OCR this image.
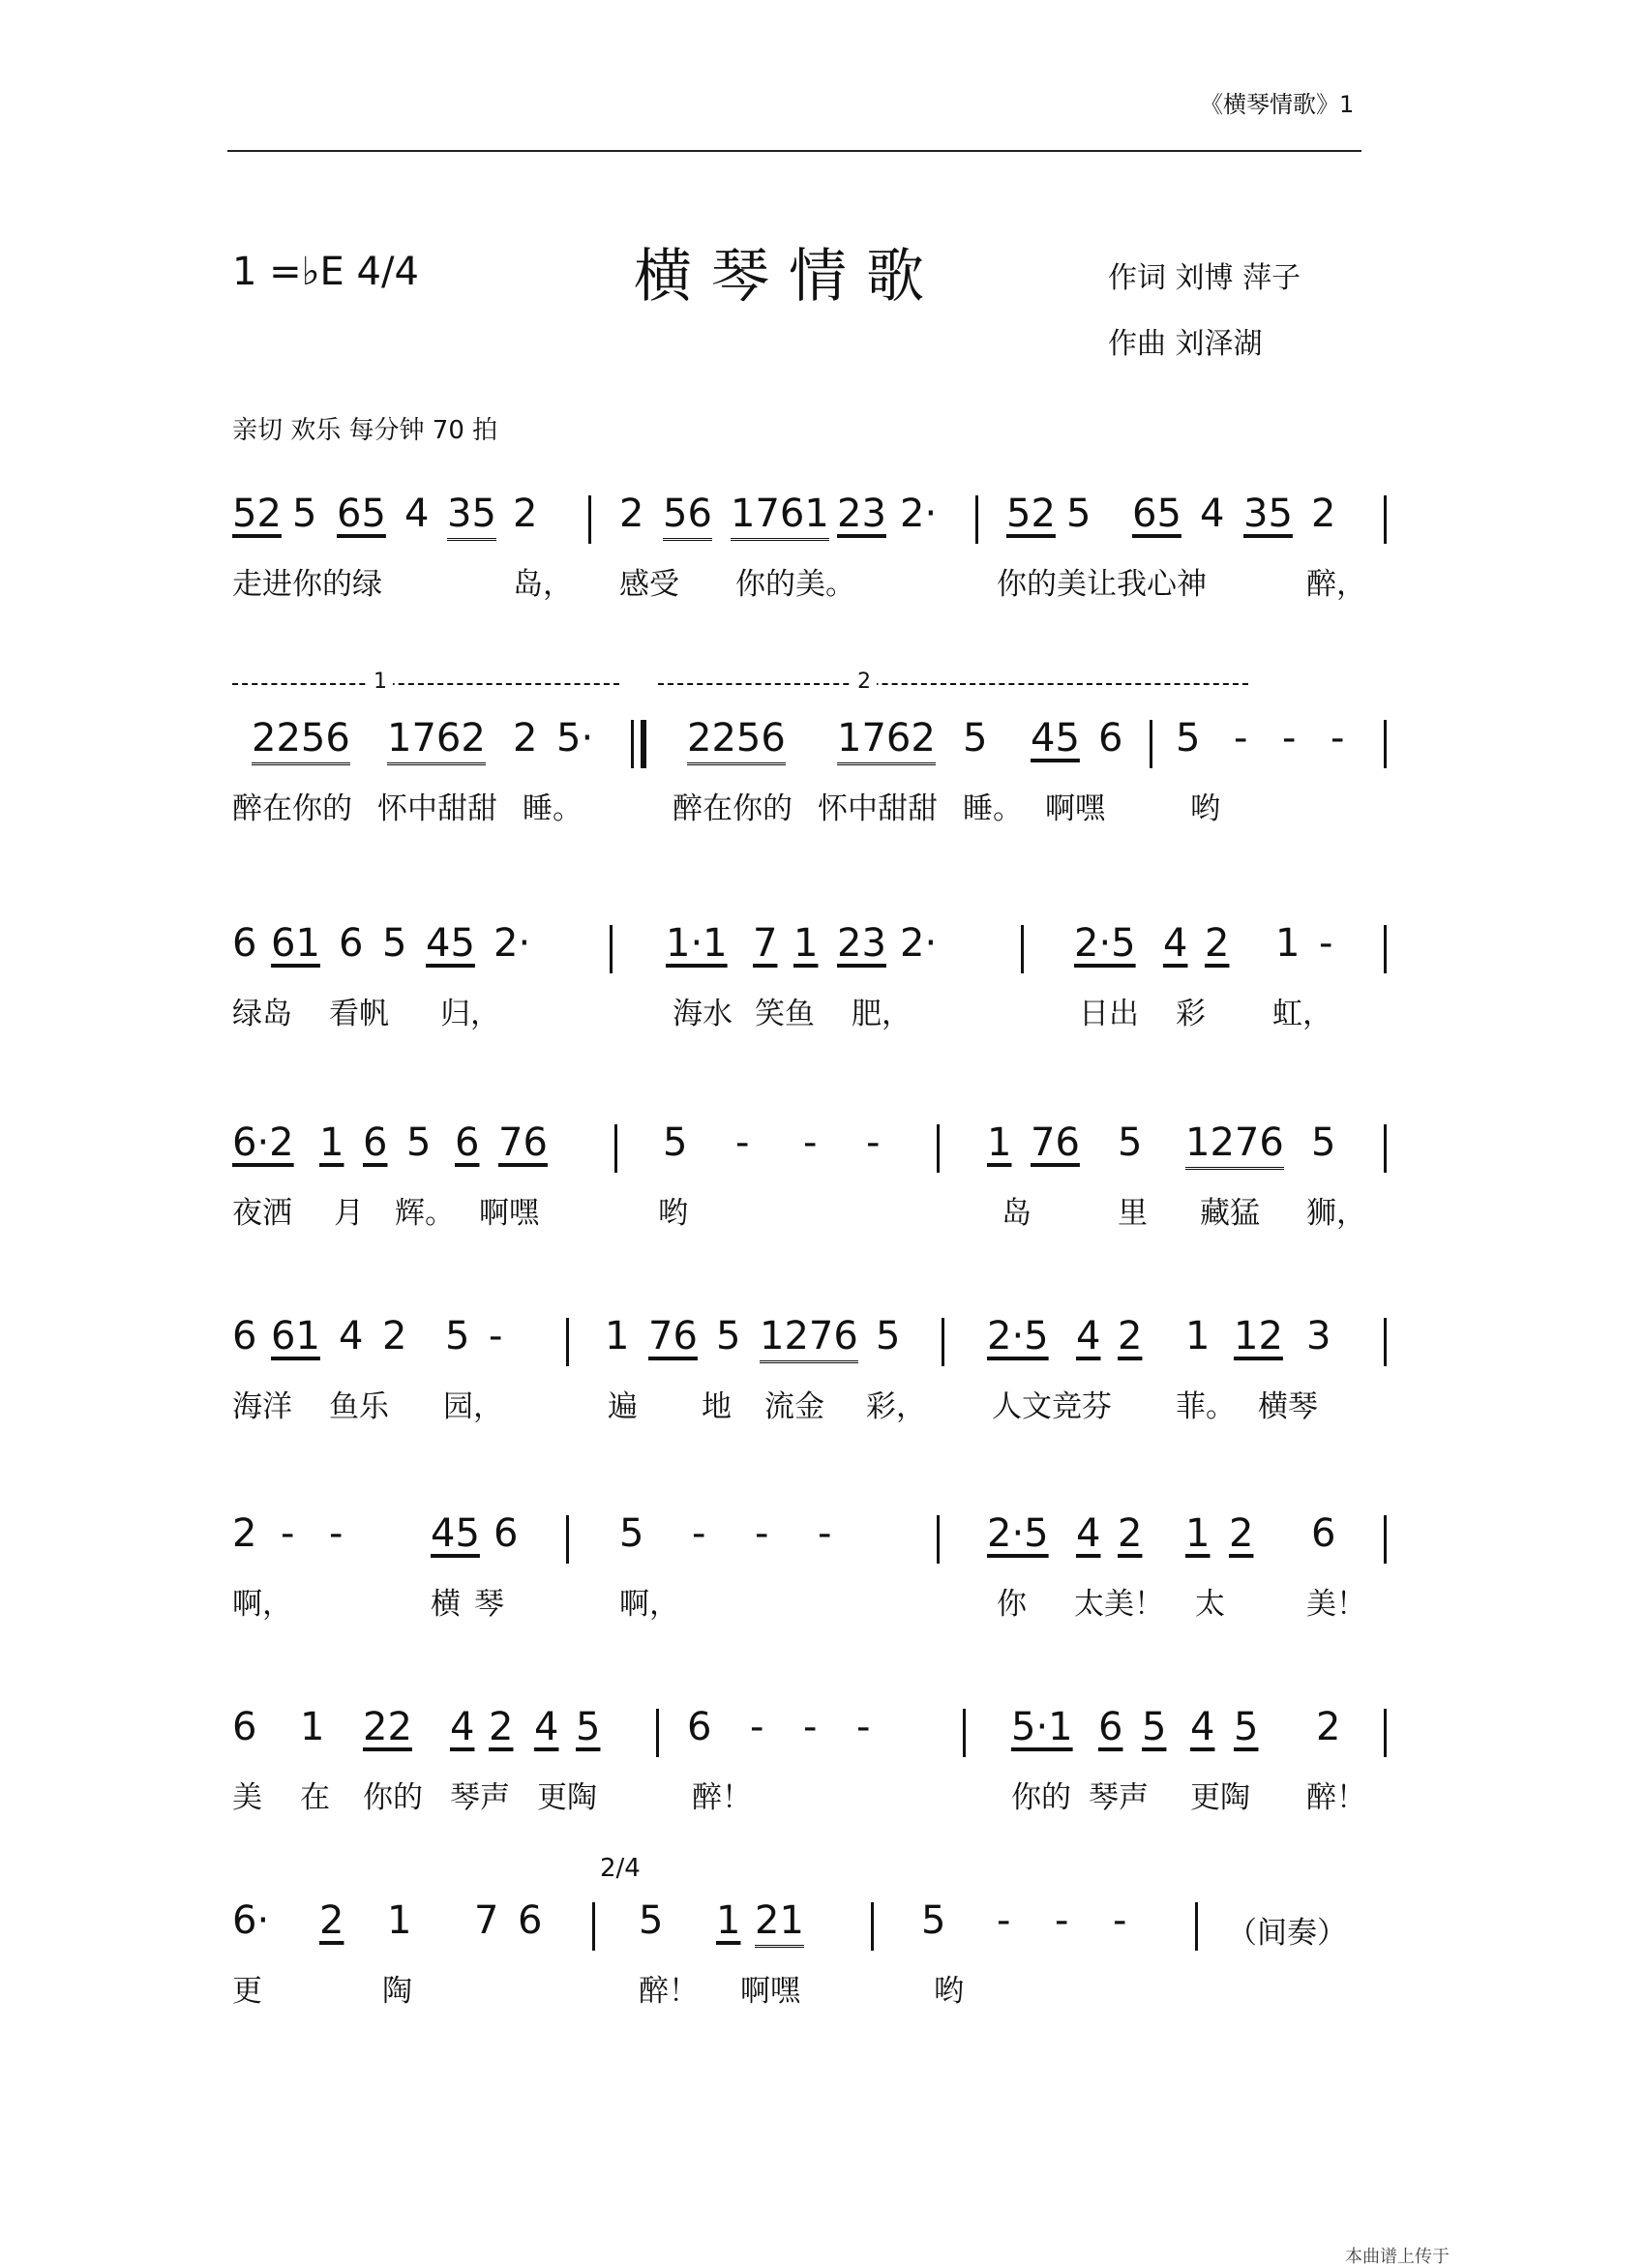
《横琴情歌》1
1 =♭E 4/4	横琴情歌	作词 刘博 萍子
作曲 刘泽湖
亲切 欢乐 每分钟 70 拍
52 5 65 4 35 2 2 56 1761 23 2· 52 5 65 4 35 2
走进你的绿	岛， 感受 你的美。	你的美让我心神	醉，
1	2
2256 1762 2 5· 2256 1762 5 45 6 5 - - -
醉在你的 怀中甜甜 睡。	醉在你的 怀中甜甜 睡。 啊嘿	哟
6 61 6 5 45 2·	1·1 7 1 23 2·	2·5 4 2 1 -
绿岛 看帆 归，	海水 笑鱼 肥，	日出 彩 虹，
6·2 1 6 5 6 76	5 - - -	1 76 5 1276 5
夜洒 月 辉。 啊嘿	哟	岛	里 藏猛 狮，
6 61 4 2 5 -	1 76 5 1276 5 2·5 4 2 1 12 3
海洋 鱼乐 园，	遍 地 流金 彩， 人文竞芬 菲。 横琴
2 - - 45 6	5 - - -	2·5 4 2 1 2 6
啊，	横 琴	啊，	你 太美！ 太	美！
6 1 22 4 2 4 5 6 - - -	5·1 6 5 4 5 2
美 在 你的 琴声 更陶	醉！	你的 琴声 更陶 醉！
2/4
6· 2 1 7 6 5 1 21	5 - - -	（间奏）
更	陶	醉！ 啊嘿	哟
本曲谱上传于
